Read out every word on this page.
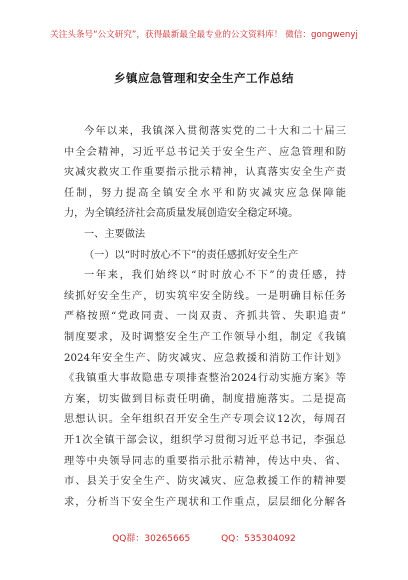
关注头条号“公文研究”，获得最新最全最专业的公文资料库！ 微信：gongwenyj
乡镇应急管理和安全生产工作总结
今年以来，我镇深入贯彻落实党的二十大和二十届三
中全会精神，习近平总书记关于安全生产、应急管理和防
灾减灾救灾工作重要指示批示精神，认真落实安全生产责
任制，努力提高全镇安全水平和防灾减灾应急保障能
力，为全镇经济社会高质量发展创造安全稳定环境。
一、主要做法
（一）以“时时放心不下”的责任感抓好安全生产
一年来，我们始终以“时时放心不下”的责任感，持
续抓好安全生产，切实筑牢安全防线。一是明确目标任务
严格按照“党政同责、一岗双责、齐抓共管、失职追责”
制度要求，及时调整安全生产工作领导小组，制定《我镇
2024年安全生产、防灾减灾、应急救援和消防工作计划》
《我镇重大事故隐患专项排查整治2024行动实施方案》等
方案，切实做到目标责任明确，制度措施落实。二是提高
思想认识。全年组织召开安全生产专项会议12次，每周召
开1次全镇干部会议，组织学习贯彻习近平总书记，李强总
理等中央领导同志的重要指示批示精神，传达中央、省、
市、县关于安全生产、防灾减灾、应急救援工作的精神要
求，分析当下安全生产现状和工作重点，层层细化分解各
QQ群：30265665	QQ：535304092
